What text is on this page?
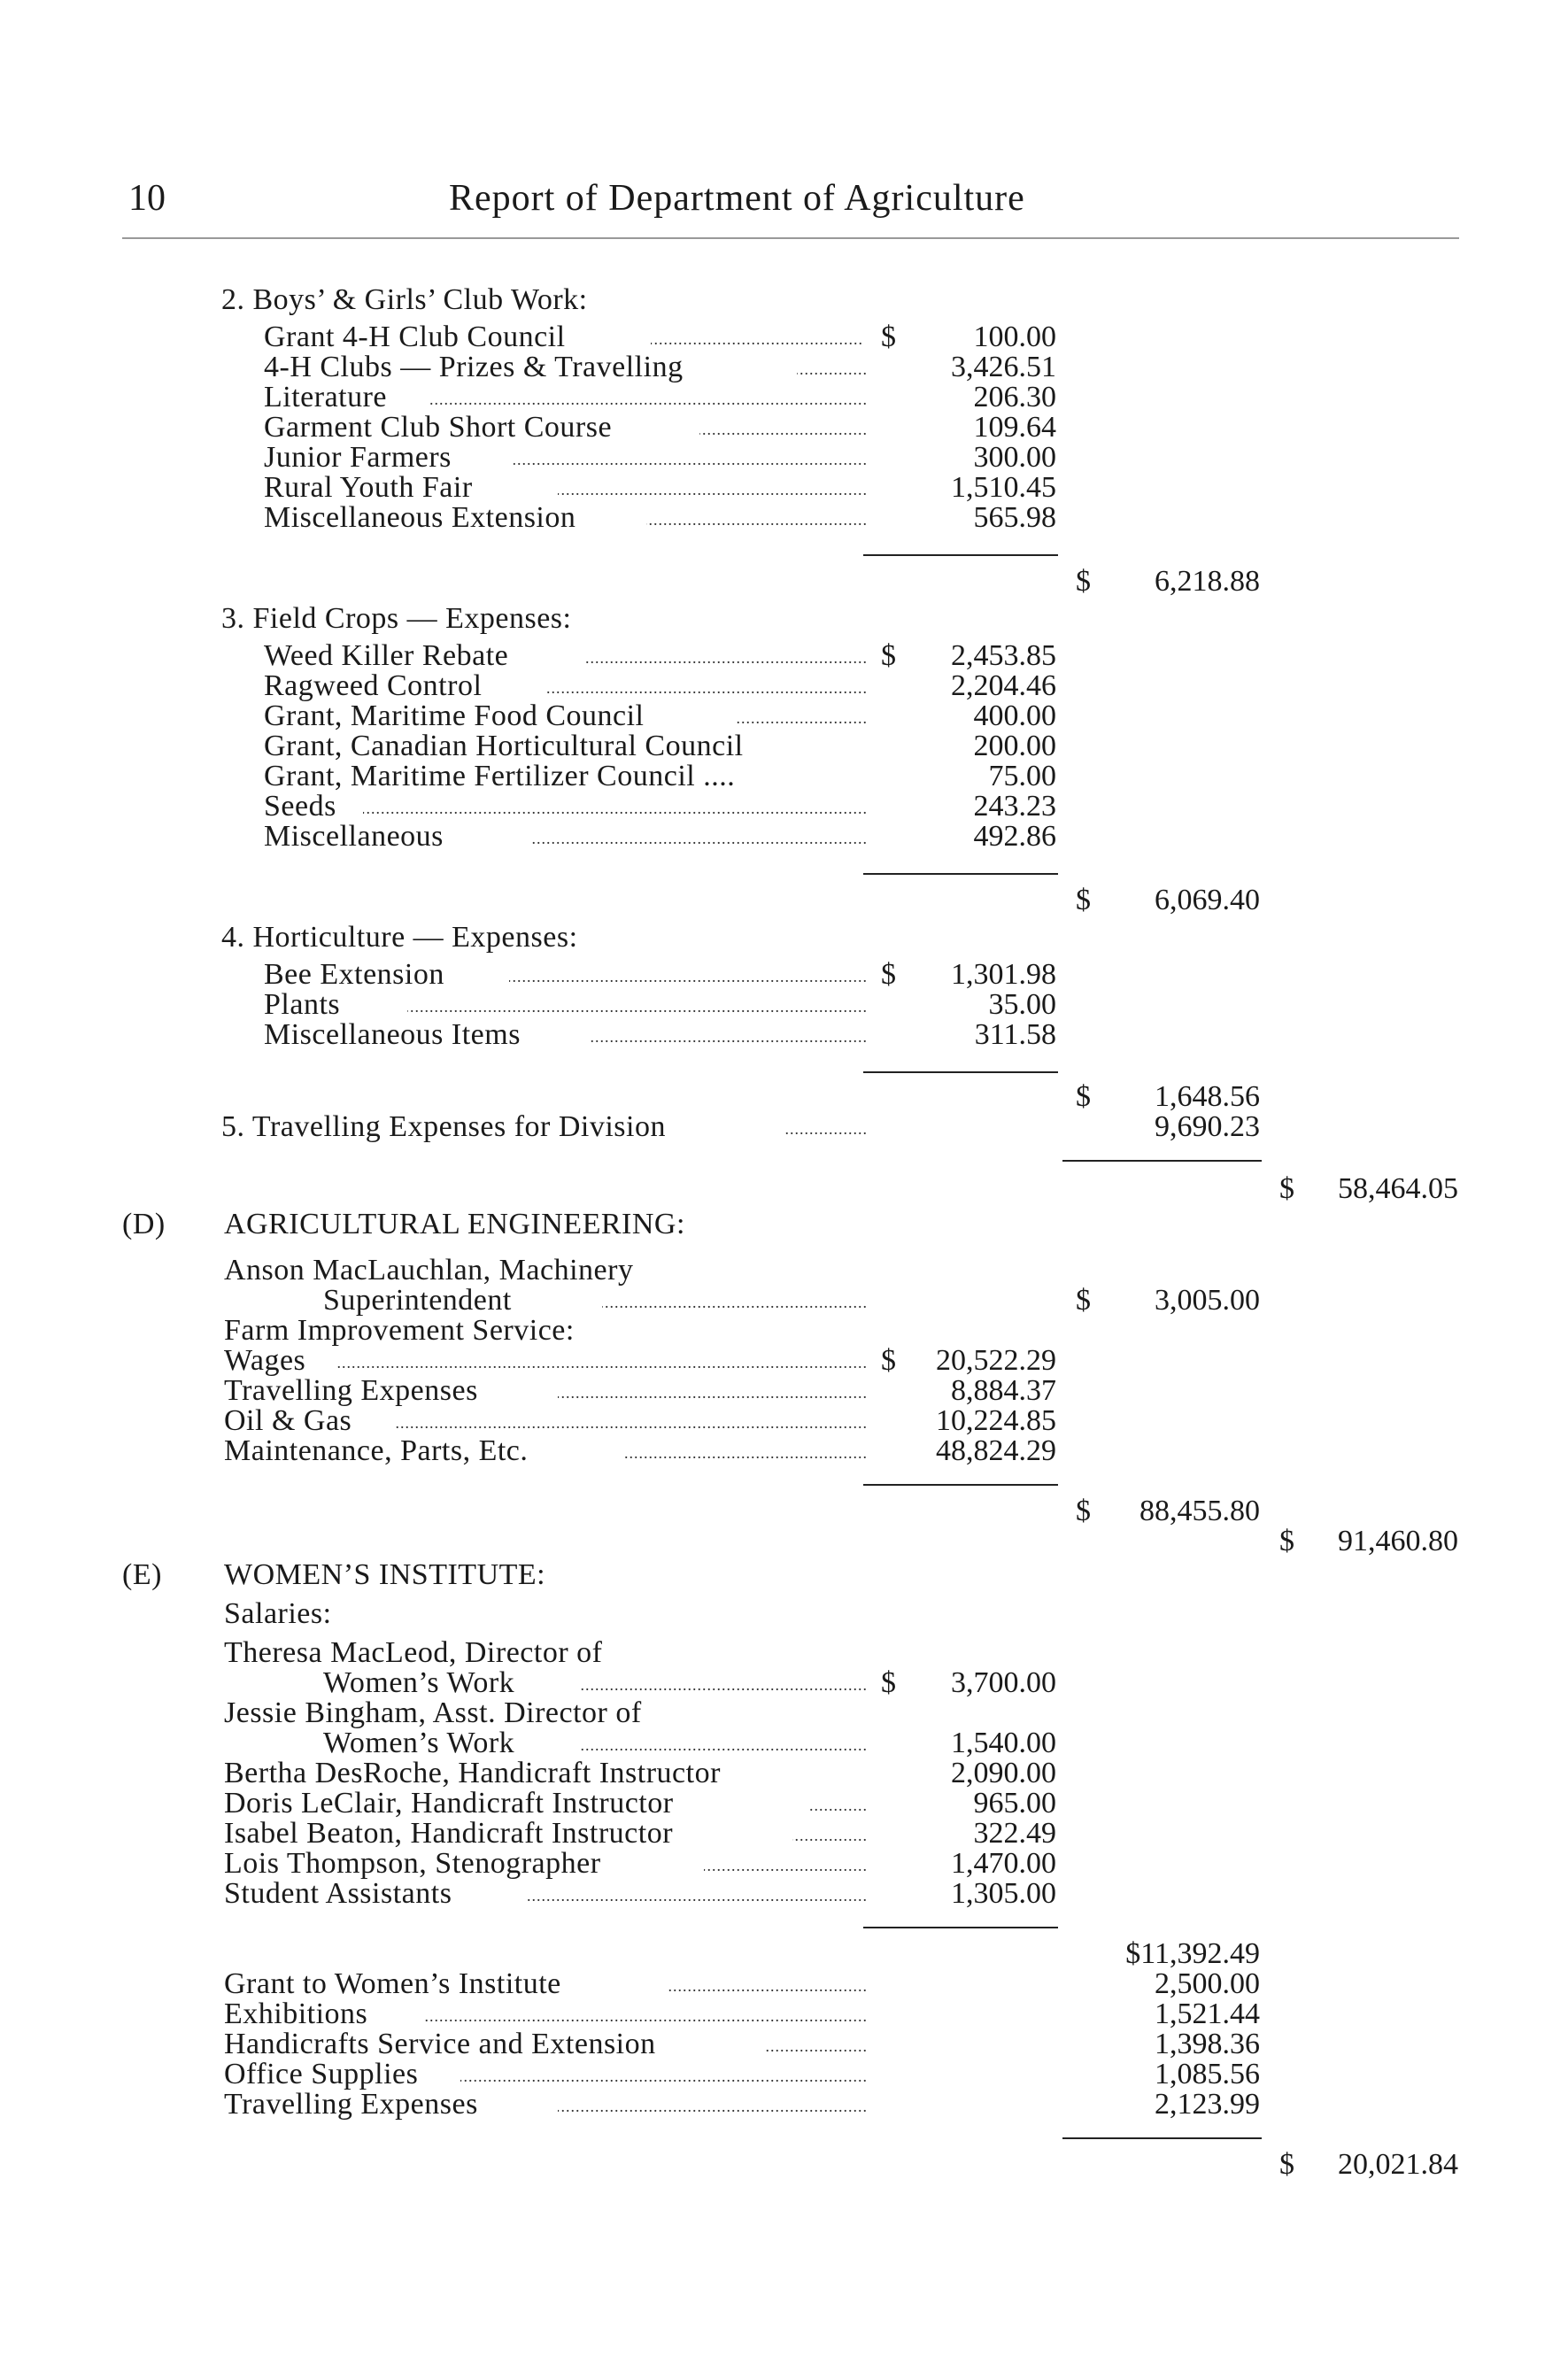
10	Report of Department of Agriculture
2. Boys’ & Girls’ Club Work:
Grant 4-H Club Council .....	$	100.00
4-H Clubs — Prizes & Travelling .....	3,426.51
Literature .....	206.30
Garment Club Short Course .....	109.64
Junior Farmers .....	300.00
Rural Youth Fair .....	1,510.45
Miscellaneous Extension .....	565.98
$ 6,218.88
3. Field Crops — Expenses:
Weed Killer Rebate .....	$ 2,453.85
Ragweed Control .....	2,204.46
Grant, Maritime Food Council .....	400.00
Grant, Canadian Horticultural Council	200.00
Grant, Maritime Fertilizer Council ....	75.00
Seeds .....	243.23
Miscellaneous .....	492.86
$ 6,069.40
4. Horticulture — Expenses:
Bee Extension .....	$ 1,301.98
Plants .....	35.00
Miscellaneous Items .....	311.58
$ 1,648.56
5. Travelling Expenses for Division .....	9,690.23
$ 58,464.05
(D) AGRICULTURAL ENGINEERING:
Anson MacLauchlan, Machinery
Superintendent .....	$ 3,005.00
Farm Improvement Service:
Wages .....	$ 20,522.29
Travelling Expenses .....	8,884.37
Oil & Gas .....	10,224.85
Maintenance, Parts, Etc. .....	48,824.29
$ 88,455.80
$ 91,460.80
(E) WOMEN’S INSTITUTE:
Salaries:
Theresa MacLeod, Director of
Women’s Work .....	$ 3,700.00
Jessie Bingham, Asst. Director of
Women’s Work .....	1,540.00
Bertha DesRoche, Handicraft Instructor	2,090.00
Doris LeClair, Handicraft Instructor .....	965.00
Isabel Beaton, Handicraft Instructor .....	322.49
Lois Thompson, Stenographer .....	1,470.00
Student Assistants .....	1,305.00
$11,392.49
Grant to Women’s Institute .....	2,500.00
Exhibitions .....	1,521.44
Handicrafts Service and Extension .....	1,398.36
Office Supplies .....	1,085.56
Travelling Expenses .....	2,123.99
$ 20,021.84
